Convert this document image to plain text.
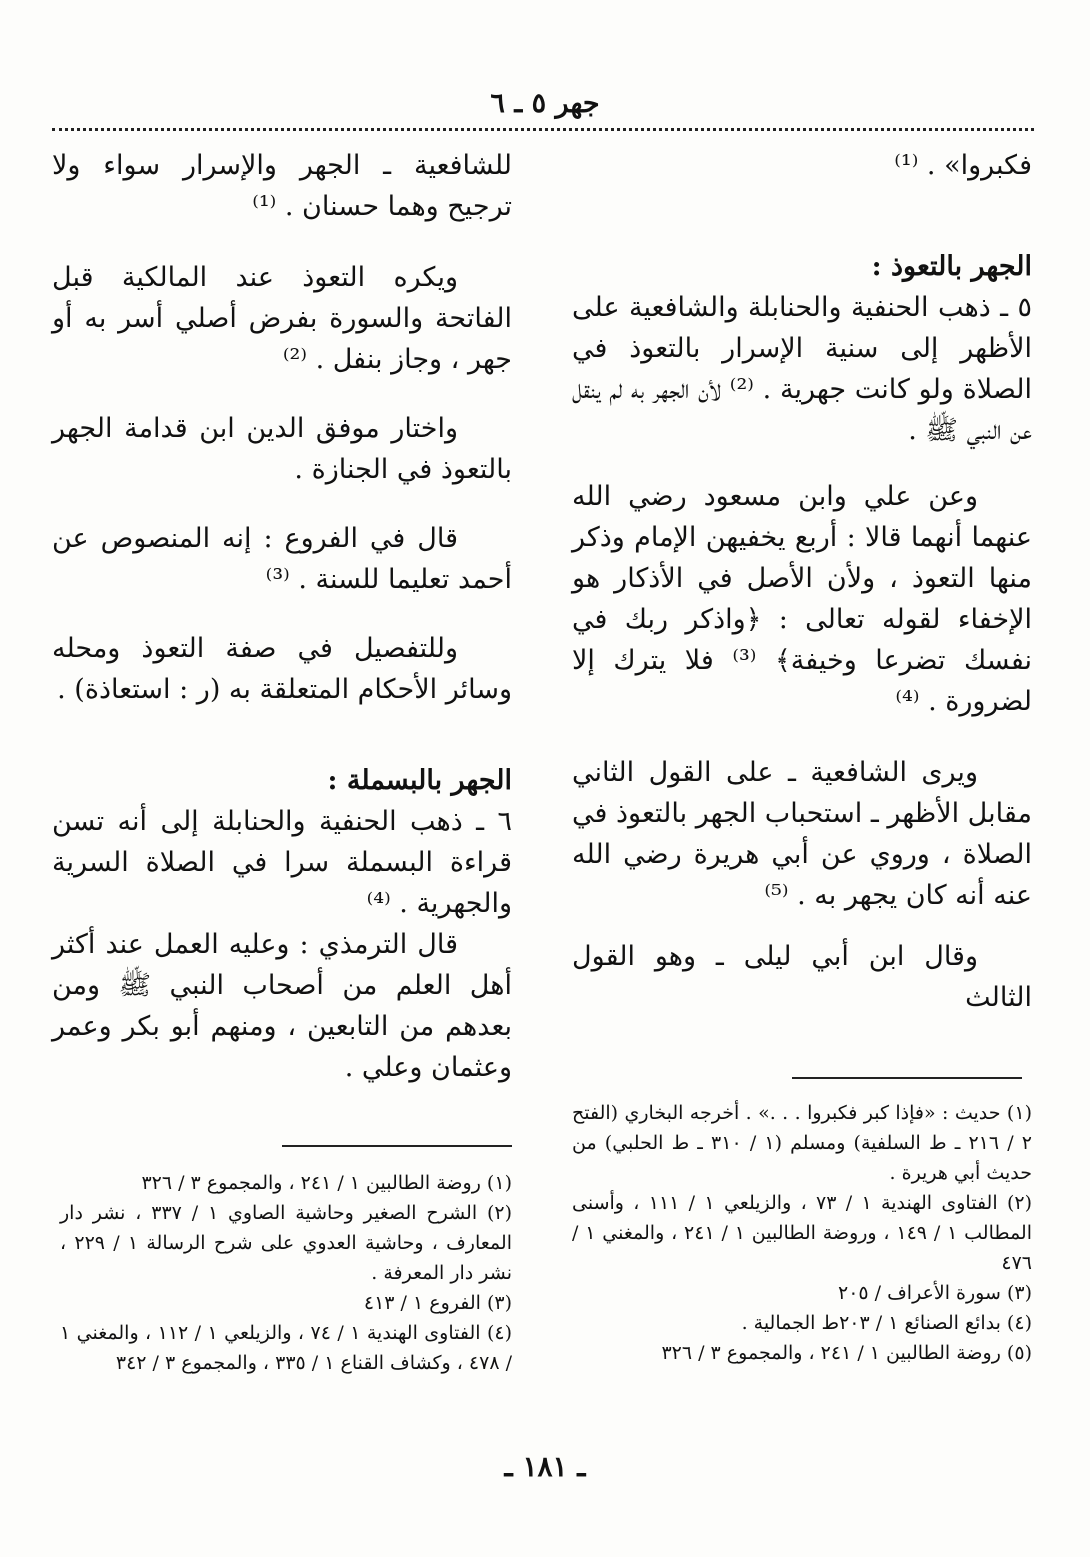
جهر ٥ ـ ٦

فكبروا» . ⁽¹⁾

الجهر بالتعوذ :

٥ ـ ذهب الحنفية والحنابلة والشافعية على الأظهر إلى سنية الإسرار بالتعوذ في الصلاة ولو كانت جهرية . ⁽²⁾ لأن الجهر به لم ينقل عن النبي ﷺ .

وعن علي وابن مسعود رضي الله عنهما أنهما قالا : أربع يخفيهن الإمام وذكر منها التعوذ ، ولأن الأصل في الأذكار هو الإخفاء لقوله تعالى : ﴿واذكر ربك في نفسك تضرعا وخيفة﴾ ⁽³⁾ فلا يترك إلا لضرورة . ⁽⁴⁾

ويرى الشافعية ـ على القول الثاني مقابل الأظهر ـ استحباب الجهر بالتعوذ في الصلاة ، وروي عن أبي هريرة رضي الله عنه أنه كان يجهر به . ⁽⁵⁾

وقال ابن أبي ليلى ـ وهو القول الثالث

للشافعية ـ الجهر والإسرار سواء ولا ترجيح وهما حسنان . ⁽¹⁾

ويكره التعوذ عند المالكية قبل الفاتحة والسورة بفرض أصلي أسر به أو جهر ، وجاز بنفل . ⁽²⁾

واختار موفق الدين ابن قدامة الجهر بالتعوذ في الجنازة .

قال في الفروع : إنه المنصوص عن أحمد تعليما للسنة . ⁽³⁾

وللتفصيل في صفة التعوذ ومحله وسائر الأحكام المتعلقة به (ر : استعاذة) .

الجهر بالبسملة :

٦ ـ ذهب الحنفية والحنابلة إلى أنه تسن قراءة البسملة سرا في الصلاة السرية والجهرية . ⁽⁴⁾

قال الترمذي : وعليه العمل عند أكثر أهل العلم من أصحاب النبي ﷺ ومن بعدهم من التابعين ، ومنهم أبو بكر وعمر وعثمان وعلي .

(١) حديث : «فإذا كبر فكبروا . . .» . أخرجه البخاري (الفتح ٢ / ٢١٦ ـ ط السلفية) ومسلم (١ / ٣١٠ ـ ط الحلبي) من حديث أبي هريرة .

(٢) الفتاوى الهندية ١ / ٧٣ ، والزيلعي ١ / ١١١ ، وأسنى المطالب ١ / ١٤٩ ، وروضة الطالبين ١ / ٢٤١ ، والمغني ١ / ٤٧٦

(٣) سورة الأعراف / ٢٠٥

(٤) بدائع الصنائع ١ / ٢٠٣ط الجمالية .

(٥) روضة الطالبين ١ / ٢٤١ ، والمجموع ٣ / ٣٢٦

(١) روضة الطالبين ١ / ٢٤١ ، والمجموع ٣ / ٣٢٦

(٢) الشرح الصغير وحاشية الصاوي ١ / ٣٣٧ ، نشر دار المعارف ، وحاشية العدوي على شرح الرسالة ١ / ٢٢٩ ، نشر دار المعرفة .

(٣) الفروع ١ / ٤١٣

(٤) الفتاوى الهندية ١ / ٧٤ ، والزيلعي ١ / ١١٢ ، والمغني ١ / ٤٧٨ ، وكشاف القناع ١ / ٣٣٥ ، والمجموع ٣ / ٣٤٢

ـ ١٨١ ـ
